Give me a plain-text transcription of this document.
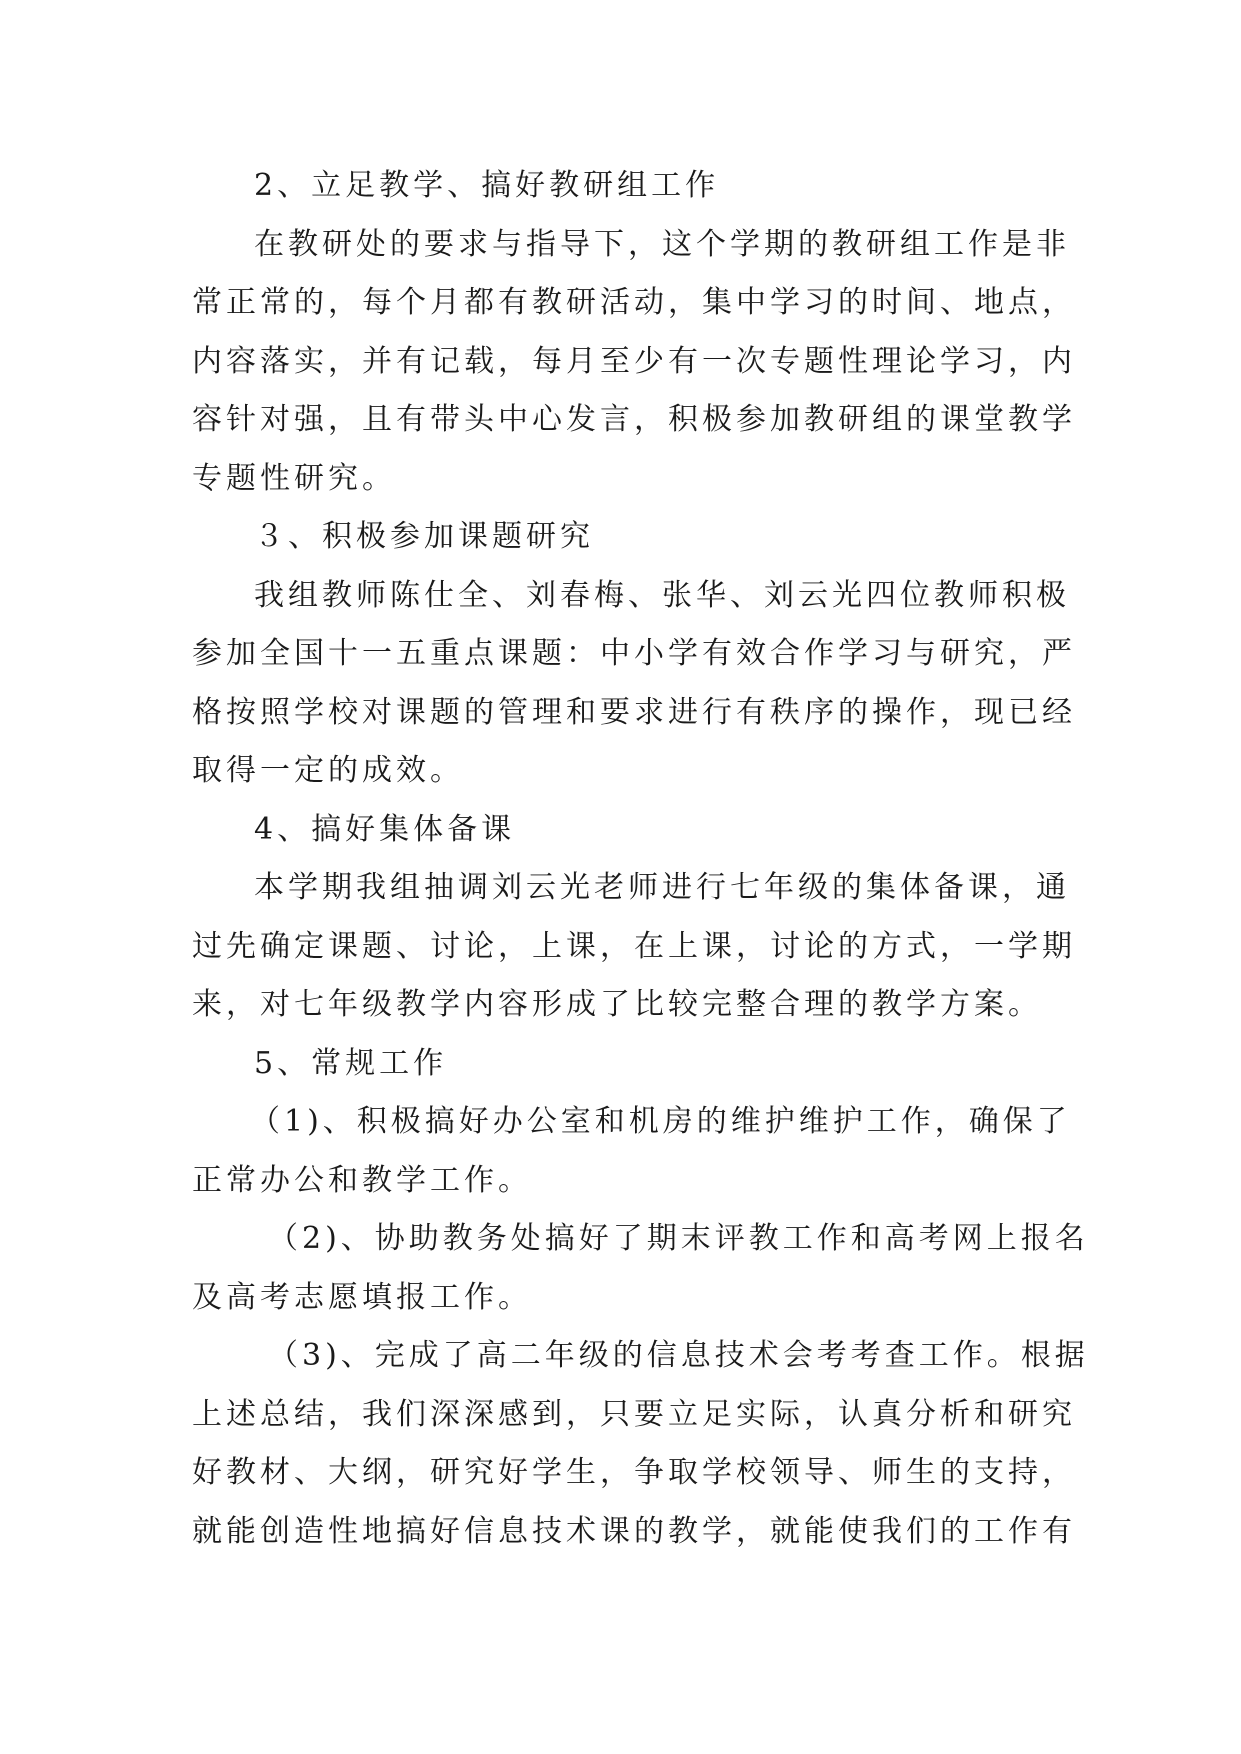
2、立足教学、搞好教研组工作
在教研处的要求与指导下，这个学期的教研组工作是非
常正常的，每个月都有教研活动，集中学习的时间、地点，
内容落实，并有记载，每月至少有一次专题性理论学习，内
容针对强，且有带头中心发言，积极参加教研组的课堂教学
专题性研究。
３、积极参加课题研究
我组教师陈仕全、刘春梅、张华、刘云光四位教师积极
参加全国十一五重点课题：中小学有效合作学习与研究，严
格按照学校对课题的管理和要求进行有秩序的操作，现已经
取得一定的成效。
4、搞好集体备课
本学期我组抽调刘云光老师进行七年级的集体备课，通
过先确定课题、讨论，上课，在上课，讨论的方式，一学期
来，对七年级教学内容形成了比较完整合理的教学方案。
5、常规工作
（1)、积极搞好办公室和机房的维护维护工作，确保了
正常办公和教学工作。
（2)、协助教务处搞好了期末评教工作和高考网上报名
及高考志愿填报工作。
（3)、完成了高二年级的信息技术会考考查工作。根据
上述总结，我们深深感到，只要立足实际，认真分析和研究
好教材、大纲，研究好学生，争取学校领导、师生的支持，
就能创造性地搞好信息技术课的教学，就能使我们的工作有
